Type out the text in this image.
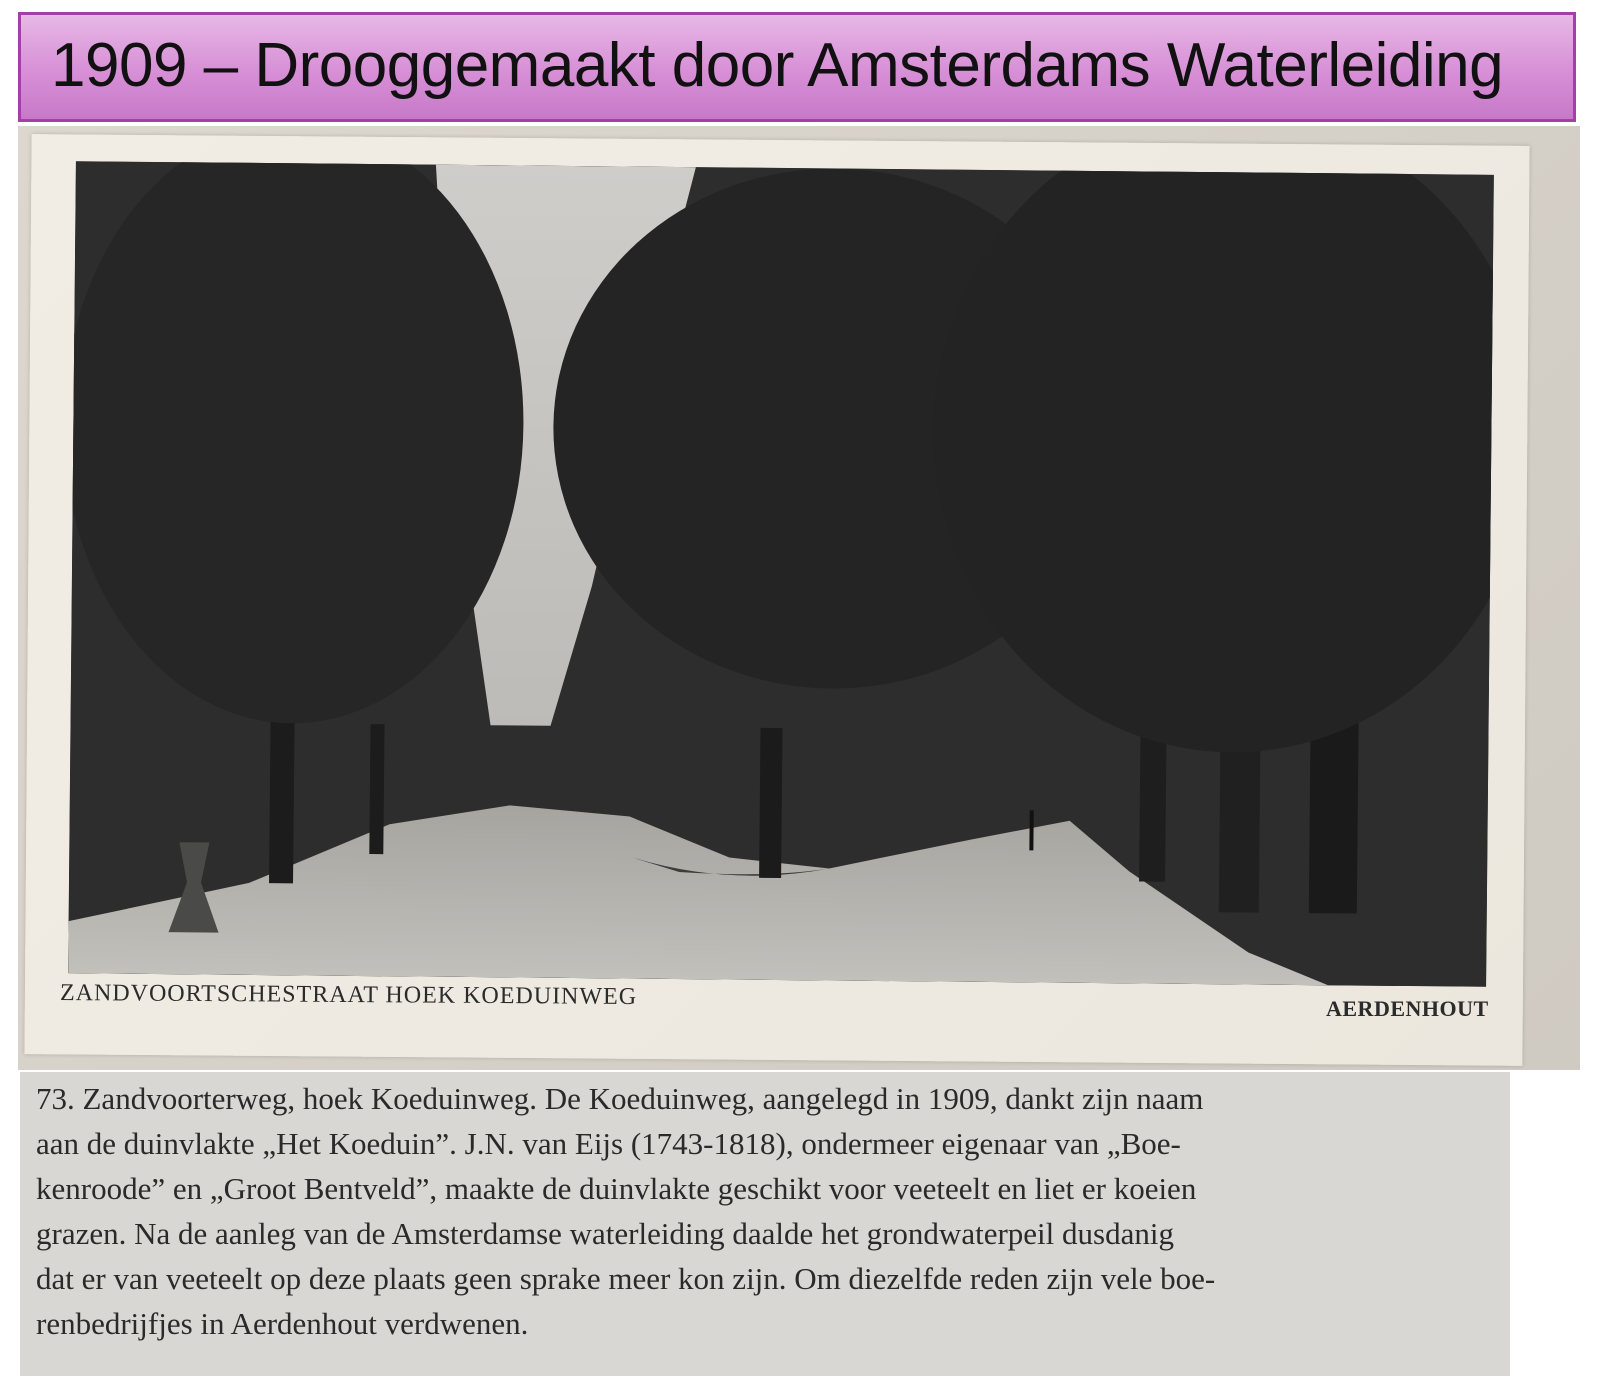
1909 – Drooggemaakt door Amsterdams Waterleiding
ZANDVOORTSCHESTRAAT HOEK KOEDUINWEG	AERDENHOUT
73. Zandvoorterweg, hoek Koeduinweg. De Koeduinweg, aangelegd in 1909, dankt zijn naam
aan de duinvlakte „Het Koeduin”. J.N. van Eijs (1743-1818), ondermeer eigenaar van „Boe-
kenroode” en „Groot Bentveld”, maakte de duinvlakte geschikt voor veeteelt en liet er koeien
grazen. Na de aanleg van de Amsterdamse waterleiding daalde het grondwaterpeil dusdanig
dat er van veeteelt op deze plaats geen sprake meer kon zijn. Om diezelfde reden zijn vele boe-
renbedrijfjes in Aerdenhout verdwenen.
